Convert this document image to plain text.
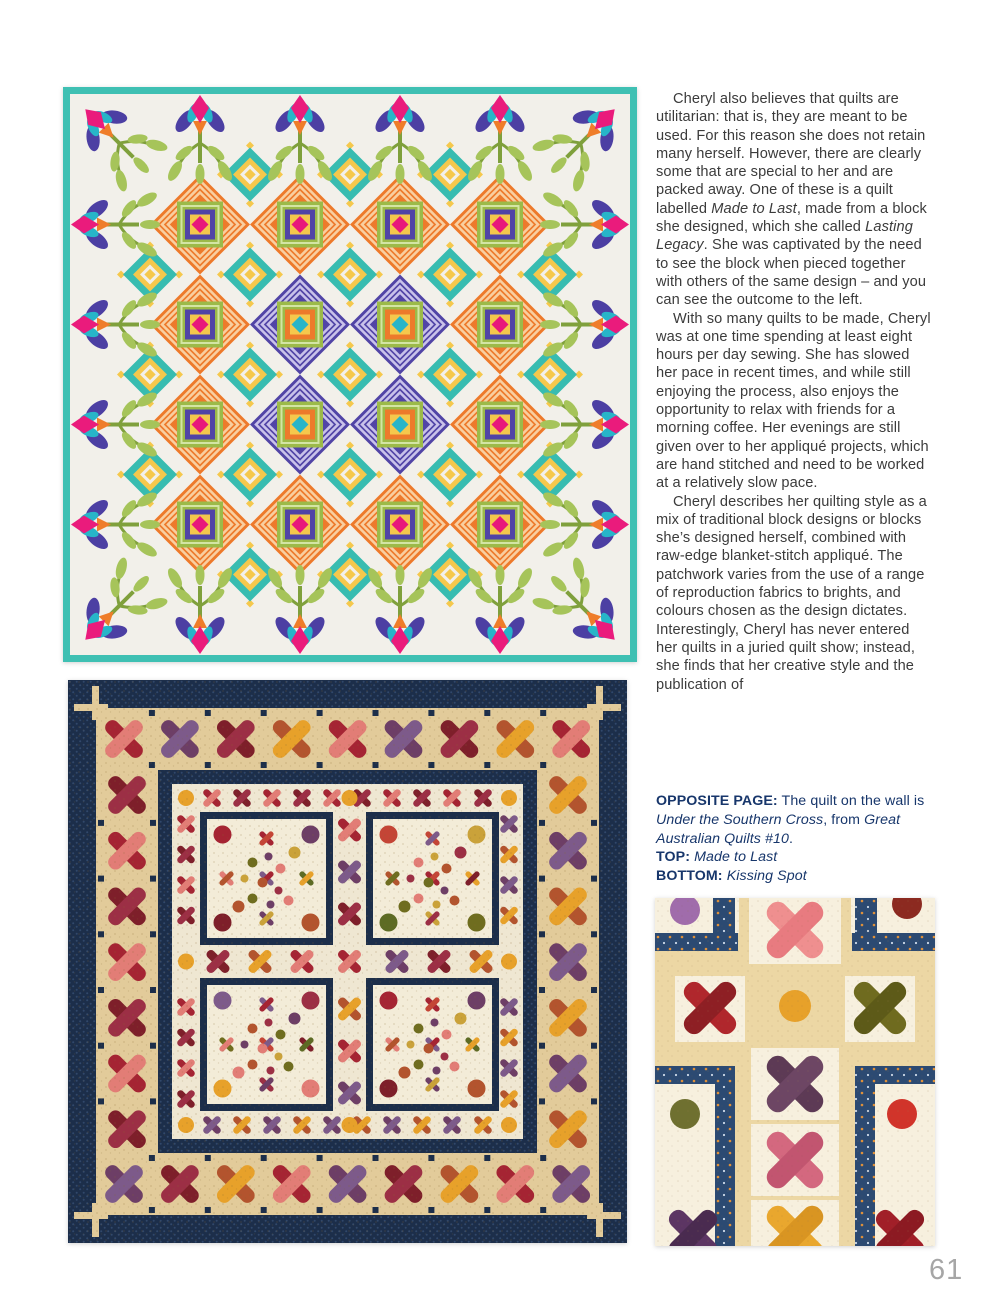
Cheryl also believes that quilts are utilitarian: that is, they are meant to be used. For this reason she does not retain many herself. However, there are clearly some that are special to her and are packed away. One of these is a quilt labelled Made to Last, made from a block she designed, which she called Lasting Legacy. She was captivated by the need to see the block when pieced together with others of the same design – and you can see the outcome to the left.

With so many quilts to be made, Cheryl was at one time spending at least eight hours per day sewing. She has slowed her pace in recent times, and while still enjoying the process, also enjoys the opportunity to relax with friends for a morning coffee. Her evenings are still given over to her appliqué projects, which are hand stitched and need to be worked at a relatively slow pace.

Cheryl describes her quilting style as a mix of traditional block designs or blocks she’s designed herself, combined with raw-edge blanket-stitch appliqué. The patchwork varies from the use of a range of reproduction fabrics to brights, and colours chosen as the design dictates. Interestingly, Cheryl has never entered her quilts in a juried quilt show; instead, she finds that her creative style and the publication of

OPPOSITE PAGE: The quilt on the wall is Under the Southern Cross, from Great Australian Quilts #10.
TOP: Made to Last
BOTTOM: Kissing Spot
61
